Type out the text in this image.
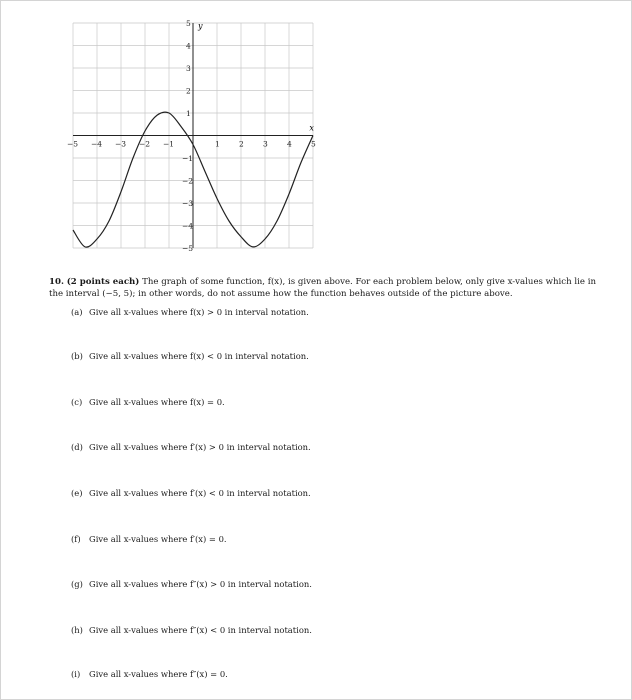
−5 −4 −3 −2 −1	1	2	3	4	5
5
4
3
2
1
−1
−2
−3
−4
−5
x
y
10. (2 points each) The graph of some function, f(x), is given above. For each problem below, only give x-values which lie in the interval (−5, 5); in other words, do not assume how the function behaves outside of the picture above.
(a) Give all x-values where f(x) > 0 in interval notation.
(b) Give all x-values where f(x) < 0 in interval notation.
(c) Give all x-values where f(x) = 0.
(d) Give all x-values where f′(x) > 0 in interval notation.
(e) Give all x-values where f′(x) < 0 in interval notation.
(f) Give all x-values where f′(x) = 0.
(g) Give all x-values where f″(x) > 0 in interval notation.
(h) Give all x-values where f″(x) < 0 in interval notation.
(i) Give all x-values where f″(x) = 0.
